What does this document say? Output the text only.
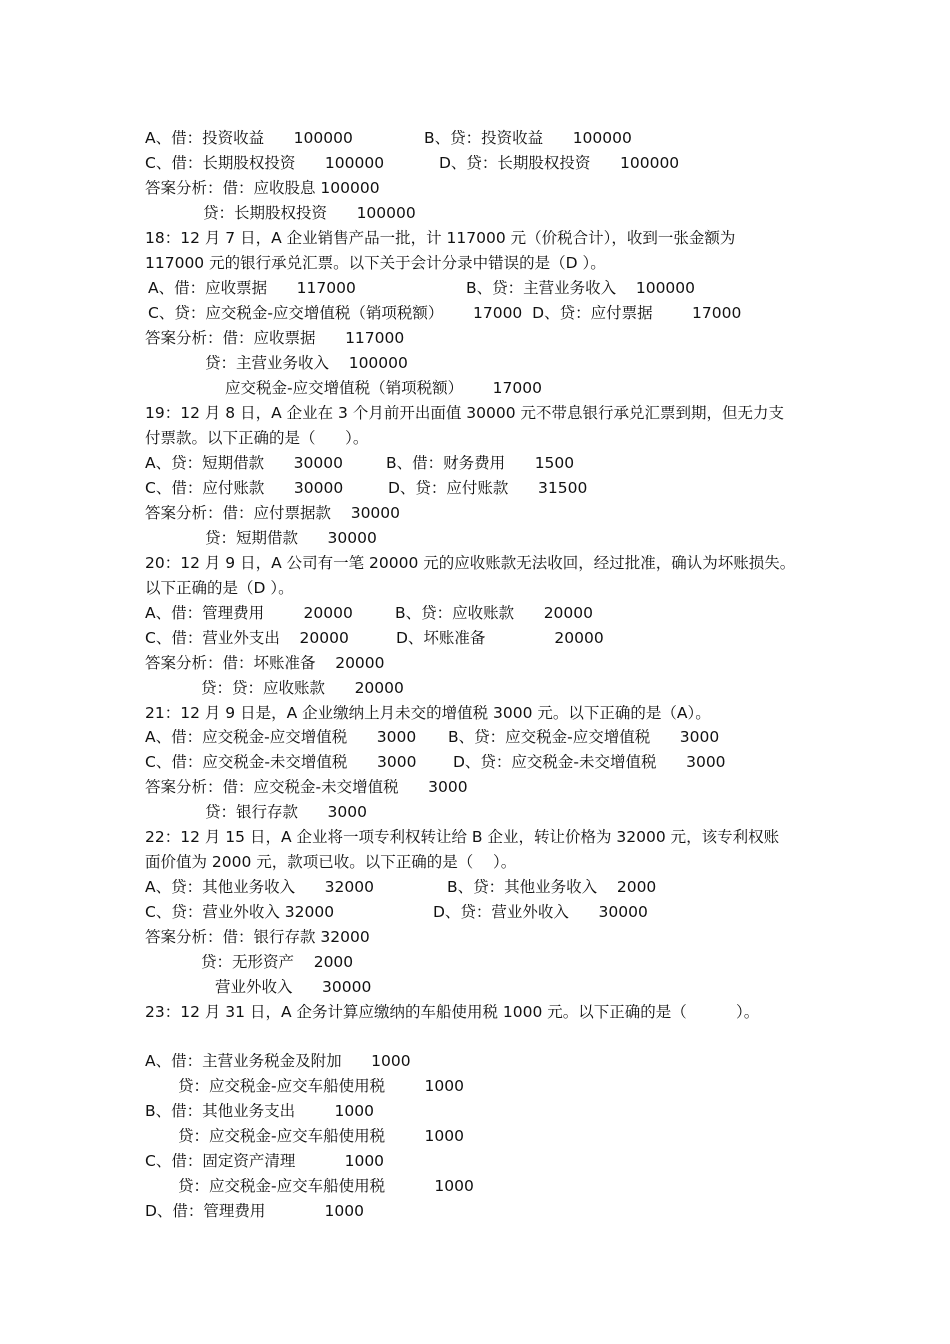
A、借：投资收益      100000

	B、贷：投资收益      100000

C、借：长期股权投资      100000

	D、贷：长期股权投资      100000

答案分析：借：应收股息 100000

贷：长期股权投资      100000

18：12 月 7 日，A 企业销售产品一批，计 117000 元（价税合计），收到一张金额为

117000 元的银行承兑汇票。以下关于会计分录中错误的是（D ）。

A、借：应收票据      117000

	B、贷：主营业务收入    100000

C、贷：应交税金-应交增值税（销项税额）      17000  D、贷：应付票据        17000

答案分析：借：应收票据      117000

贷：主营业务收入    100000

应交税金-应交增值税（销项税额）      17000

19：12 月 8 日，A 企业在 3 个月前开出面值 30000 元不带息银行承兑汇票到期，但无力支

付票款。以下正确的是（      ）。

A、贷：短期借款      30000

	B、借：财务费用      1500

C、借：应付账款      30000

	D、贷：应付账款      31500

答案分析：借：应付票据款    30000

贷：短期借款      30000

20：12 月 9 日，A 公司有一笔 20000 元的应收账款无法收回，经过批准，确认为坏账损失。

以下正确的是（D ）。

A、借：管理费用        20000

	B、贷：应收账款      20000

C、借：营业外支出    20000

	D、坏账准备              20000

答案分析：借：坏账准备    20000

贷：贷：应收账款      20000

21：12 月 9 日是，A 企业缴纳上月未交的增值税 3000 元。以下正确的是（A）。

A、借：应交税金-应交增值税      3000

B、贷：应交税金-应交增值税      3000

C、借：应交税金-未交增值税      3000

D、贷：应交税金-未交增值税      3000

答案分析：借：应交税金-未交增值税      3000

贷：银行存款      3000

22：12 月 15 日，A 企业将一项专利权转让给 B 企业，转让价格为 32000 元，该专利权账

面价值为 2000 元，款项已收。以下正确的是（    ）。

A、贷：其他业务收入      32000

	B、贷：其他业务收入    2000

C、贷：营业外收入 32000

	D、贷：营业外收入      30000

答案分析：借：银行存款 32000

贷：无形资产    2000

营业外收入      30000

23：12 月 31 日，A 企务计算应缴纳的车船使用税 1000 元。以下正确的是（          ）。

A、借：主营业务税金及附加      1000

贷：应交税金-应交车船使用税        1000

B、借：其他业务支出        1000

贷：应交税金-应交车船使用税        1000

C、借：固定资产清理          1000

贷：应交税金-应交车船使用税          1000

D、借：管理费用            1000
